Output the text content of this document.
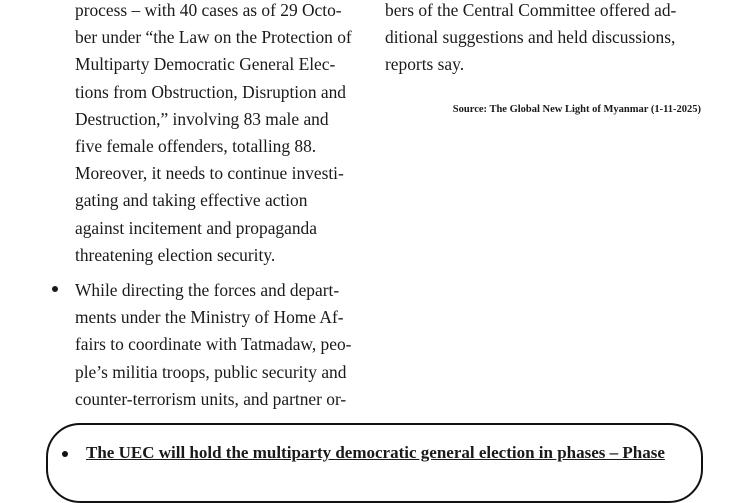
process – with 40 cases as of 29 Octo-

ber under “the Law on the Protection of

Multiparty Democratic General Elec-

tions from Obstruction, Disruption and

Destruction,” involving 83 male and

five female offenders, totalling 88.

Moreover, it needs to continue investi-

gating and taking effective action

against incitement and propaganda

threatening election security.

While directing the forces and depart-

ments under the Ministry of Home Af-

fairs to coordinate with Tatmadaw, peo-

ple’s militia troops, public security and

counter-terrorism units, and partner or-

bers of the Central Committee offered ad-

ditional suggestions and held discussions,

reports say.

Source: The Global New Light of Myanmar (1-11-2025)
The UEC will hold the multiparty democratic general election in phases – Phase
